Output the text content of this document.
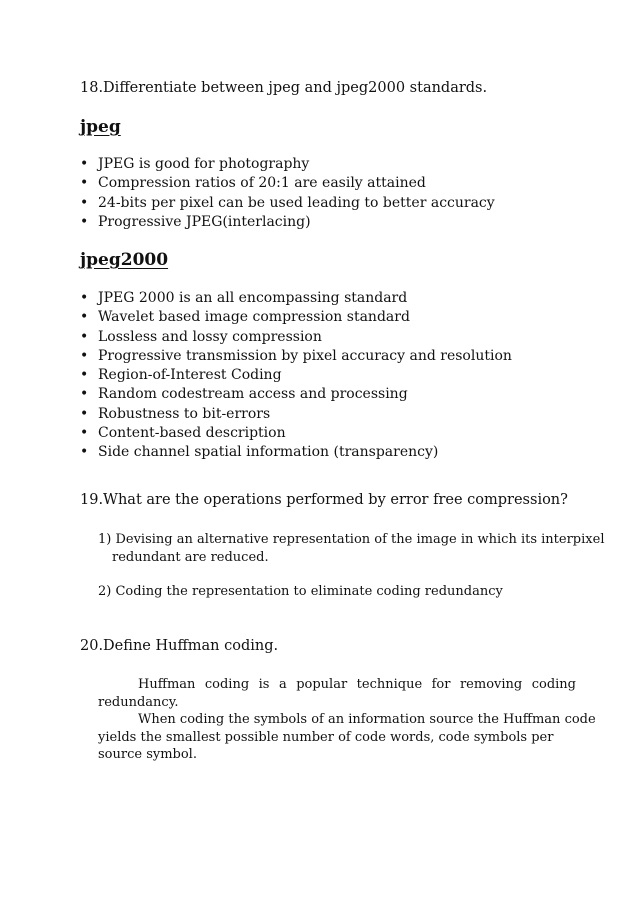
18.Differentiate between jpeg and jpeg2000 standards.
jpeg
• JPEG is good for photography
• Compression ratios of 20:1 are easily attained
• 24-bits per pixel can be used leading to better accuracy
• Progressive JPEG(interlacing)
jpeg2000
• JPEG 2000 is an all encompassing standard
• Wavelet based image compression standard
• Lossless and lossy compression
• Progressive transmission by pixel accuracy and resolution
• Region-of-Interest Coding
• Random codestream access and processing
• Robustness to bit-errors
• Content-based description
• Side channel spatial information (transparency)
19.What are the operations performed by error free compression?
1) Devising an alternative representation of the image in which its interpixel
redundant are reduced.
2) Coding the representation to eliminate coding redundancy
20.Define Huffman coding.
Huffman coding is a popular technique for removing coding redundancy.
When coding the symbols of an information source the Huffman code
yields the smallest possible number of code words, code symbols per
source symbol.
